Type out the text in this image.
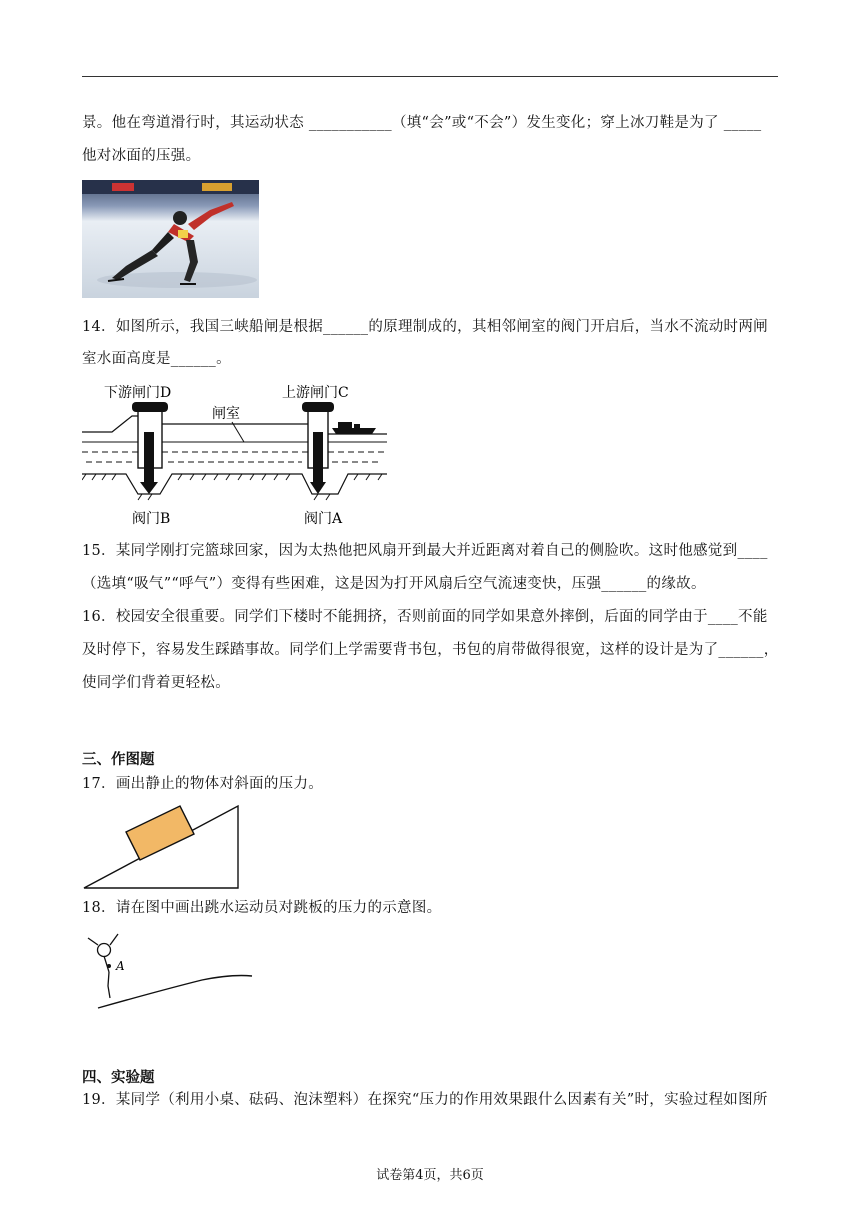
景。他在弯道滑行时，其运动状态 ___________（填“会”或“不会”）发生变化；穿上冰刀鞋是为了 _____

他对冰面的压强。

14．如图所示，我国三峡船闸是根据______的原理制成的，其相邻闸室的阀门开启后，当水不流动时两闸

室水面高度是______。

下游闸门D	上游闸门C
闸室
阀门B	阀门A

15．某同学刚打完篮球回家，因为太热他把风扇开到最大并近距离对着自己的侧脸吹。这时他感觉到____

（选填“吸气”“呼气”）变得有些困难，这是因为打开风扇后空气流速变快，压强______的缘故。

16．校园安全很重要。同学们下楼时不能拥挤，否则前面的同学如果意外摔倒，后面的同学由于____不能

及时停下，容易发生踩踏事故。同学们上学需要背书包，书包的肩带做得很宽，这样的设计是为了______，

使同学们背着更轻松。

三、作图题

17．画出静止的物体对斜面的压力。

18．请在图中画出跳水运动员对跳板的压力的示意图。

A
四、实验题

19．某同学（利用小桌、砝码、泡沫塑料）在探究“压力的作用效果跟什么因素有关”时，实验过程如图所

试卷第4页，共6页
